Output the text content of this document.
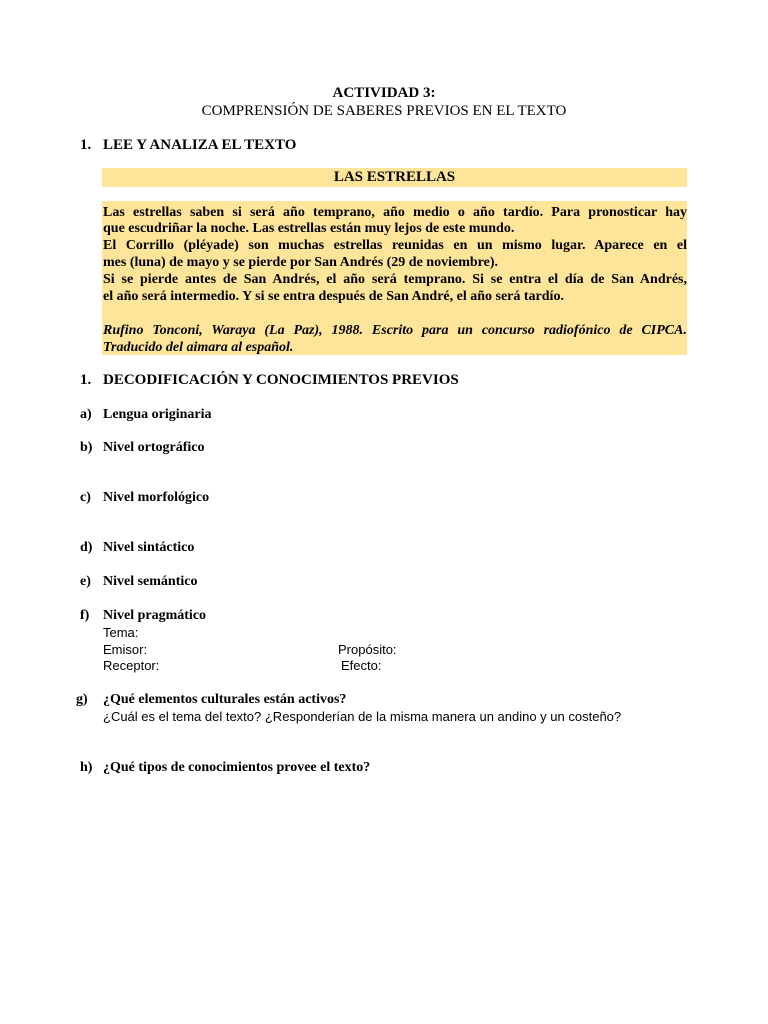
ACTIVIDAD 3:
COMPRENSIÓN DE SABERES PREVIOS EN EL TEXTO
1. LEE Y ANALIZA EL TEXTO
LAS ESTRELLAS
Las estrellas saben si será año temprano, año medio o año tardío. Para pronosticar hay
que escudriñar la noche. Las estrellas están muy lejos de este mundo.
El Corrillo (pléyade) son muchas estrellas reunidas en un mismo lugar. Aparece en el
mes (luna) de mayo y se pierde por San Andrés (29 de noviembre).
Si se pierde antes de San Andrés, el año será temprano. Si se entra el día de San Andrés,
el año será intermedio. Y si se entra después de San André, el año será tardío.
Rufino Tonconi, Waraya (La Paz), 1988. Escrito para un concurso radiofónico de CIPCA.
Traducido del aimara al español.
1. DECODIFICACIÓN Y CONOCIMIENTOS PREVIOS
a) Lengua originaria
b) Nivel ortográfico
c) Nivel morfológico
d) Nivel sintáctico
e) Nivel semántico
f) Nivel pragmático
Tema:
Emisor:	Propósito:
Receptor:	Efecto:
g) ¿Qué elementos culturales están activos?
¿Cuál es el tema del texto? ¿Responderían de la misma manera un andino y un costeño?
h) ¿Qué tipos de conocimientos provee el texto?
